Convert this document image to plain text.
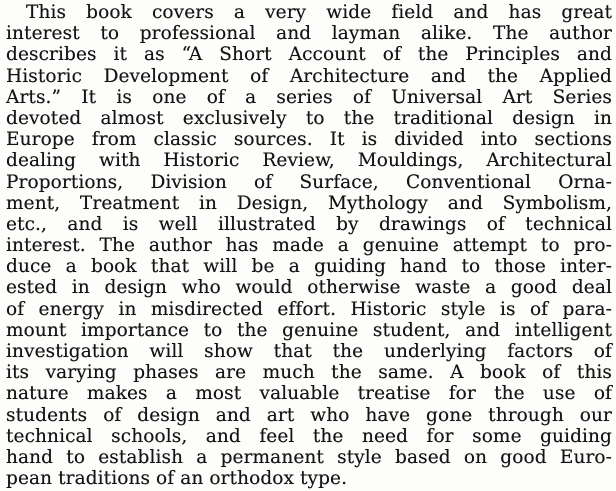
This book covers a very wide field and has great
interest to professional and layman alike. The author
describes it as “A Short Account of the Principles and
Historic Development of Architecture and the Applied
Arts.” It is one of a series of Universal Art Series
devoted almost exclusively to the traditional design in
Europe from classic sources. It is divided into sections
dealing with Historic Review, Mouldings, Architectural
Proportions, Division of Surface, Conventional Orna-
ment, Treatment in Design, Mythology and Symbolism,
etc., and is well illustrated by drawings of technical
interest. The author has made a genuine attempt to pro-
duce a book that will be a guiding hand to those inter-
ested in design who would otherwise waste a good deal
of energy in misdirected effort. Historic style is of para-
mount importance to the genuine student, and intelligent
investigation will show that the underlying factors of
its varying phases are much the same. A book of this
nature makes a most valuable treatise for the use of
students of design and art who have gone through our
technical schools, and feel the need for some guiding
hand to establish a permanent style based on good Euro-
pean traditions of an orthodox type.
